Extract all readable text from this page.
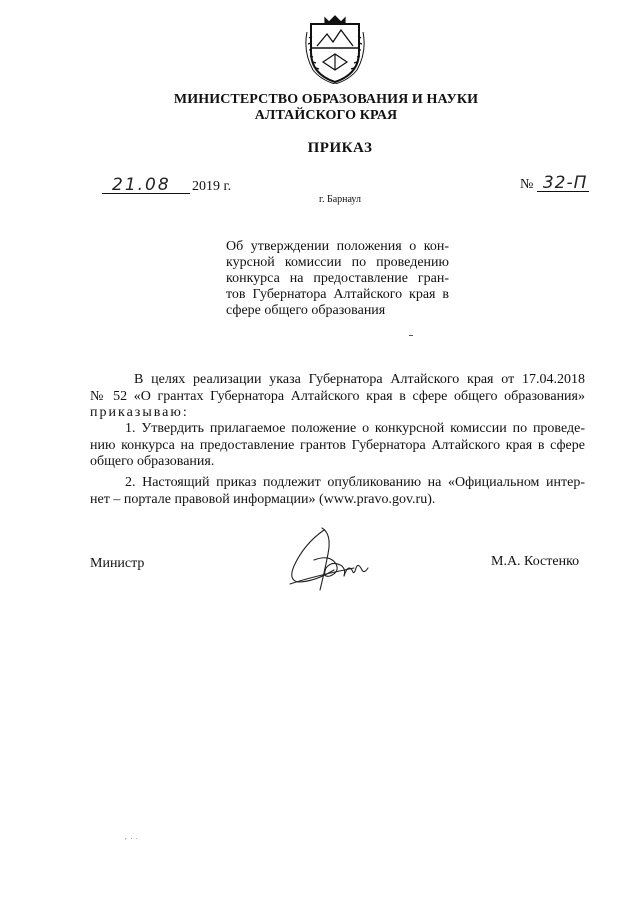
МИНИСТЕРСТВО ОБРАЗОВАНИЯ И НАУКИ
АЛТАЙСКОГО КРАЯ
ПРИКАЗ
21.08 2019 г.	№ 32-П
г. Барнаул
Об утверждении положения о кон-
курсной комиссии по проведению
конкурса на предоставление гран-
тов Губернатора Алтайского края в
сфере общего образования
В целях реализации указа Губернатора Алтайского края от 17.04.2018
№ 52 «О грантах Губернатора Алтайского края в сфере общего образования»
приказываю:
1. Утвердить прилагаемое положение о конкурсной комиссии по проведе-
нию конкурса на предоставление грантов Губернатора Алтайского края в сфере
общего образования.
2. Настоящий приказ подлежит опубликованию на «Официальном интер-
нет – портале правовой информации» (www.pravo.gov.ru).
Министр	М.А. Костенко
, . .
